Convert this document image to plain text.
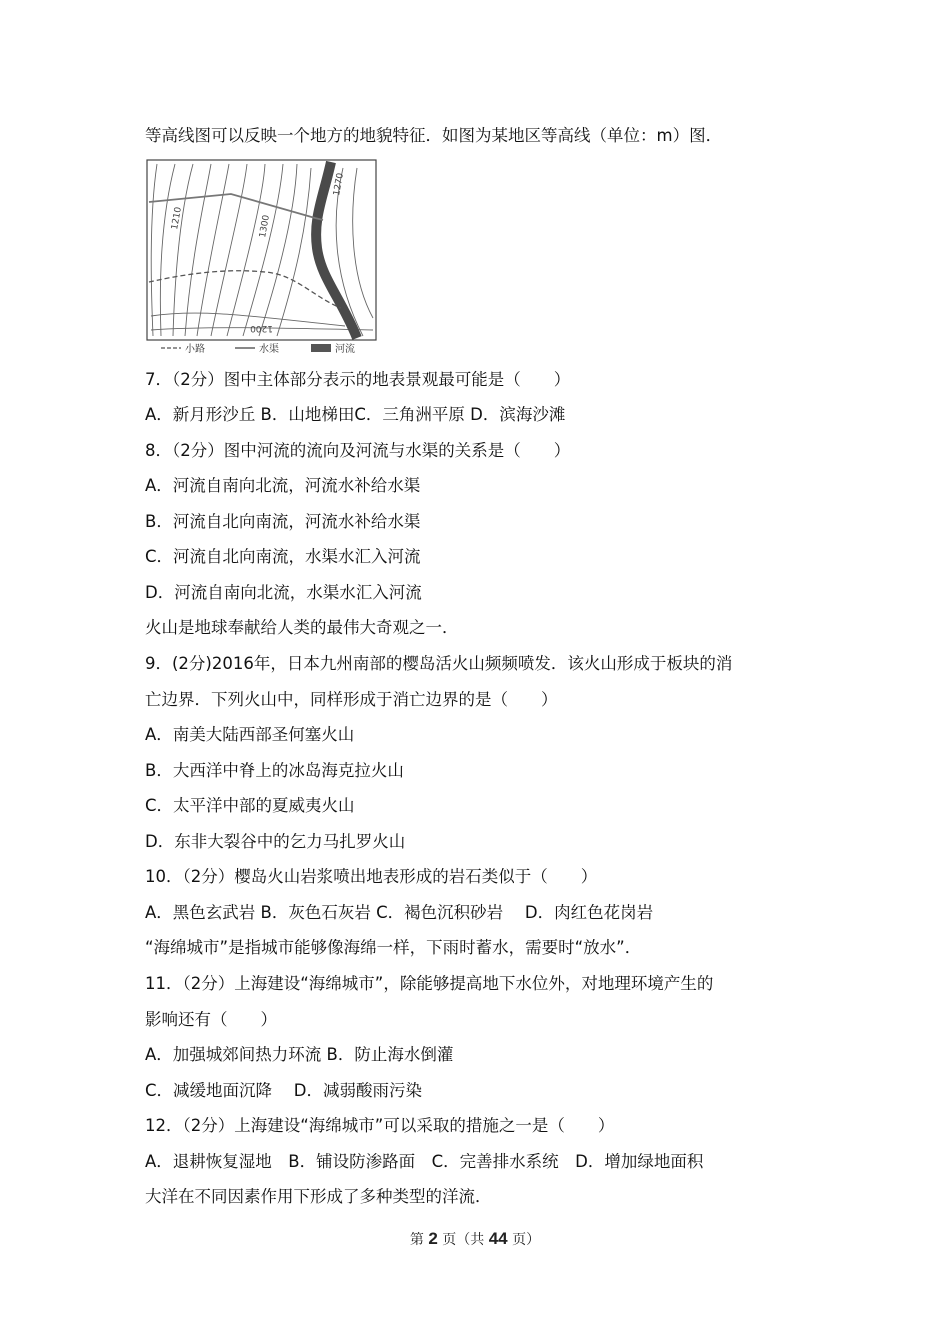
等高线图可以反映一个地方的地貌特征．如图为某地区等高线（单位：m）图．
1210	1300
1270
1200
小路	水渠	河流
7．（2分）图中主体部分表示的地表景观最可能是（　　）
A．新月形沙丘 B．山地梯田C．三角洲平原 D．滨海沙滩
8．（2分）图中河流的流向及河流与水渠的关系是（　　）
A．河流自南向北流，河流水补给水渠
B．河流自北向南流，河流水补给水渠
C．河流自北向南流，水渠水汇入河流
D．河流自南向北流，水渠水汇入河流
火山是地球奉献给人类的最伟大奇观之一．
9．(2分)2016年，日本九州南部的樱岛活火山频频喷发．该火山形成于板块的消
亡边界．下列火山中，同样形成于消亡边界的是（　　）
A．南美大陆西部圣何塞火山
B．大西洋中脊上的冰岛海克拉火山
C．太平洋中部的夏威夷火山
D．东非大裂谷中的乞力马扎罗火山
10．（2分）樱岛火山岩浆喷出地表形成的岩石类似于（　　）
A．黑色玄武岩 B．灰色石灰岩 C．褐色沉积砂岩　 D．肉红色花岗岩
“海绵城市”是指城市能够像海绵一样，下雨时蓄水，需要时“放水”．
11．（2分）上海建设“海绵城市”，除能够提高地下水位外，对地理环境产生的
影响还有（　　）
A．加强城郊间热力环流 B．防止海水倒灌
C．减缓地面沉降　 D．减弱酸雨污染
12．（2分）上海建设“海绵城市”可以采取的措施之一是（　　）
A．退耕恢复湿地　B．铺设防渗路面　C．完善排水系统　D．增加绿地面积
大洋在不同因素作用下形成了多种类型的洋流．
第 2 页（共 44 页）
